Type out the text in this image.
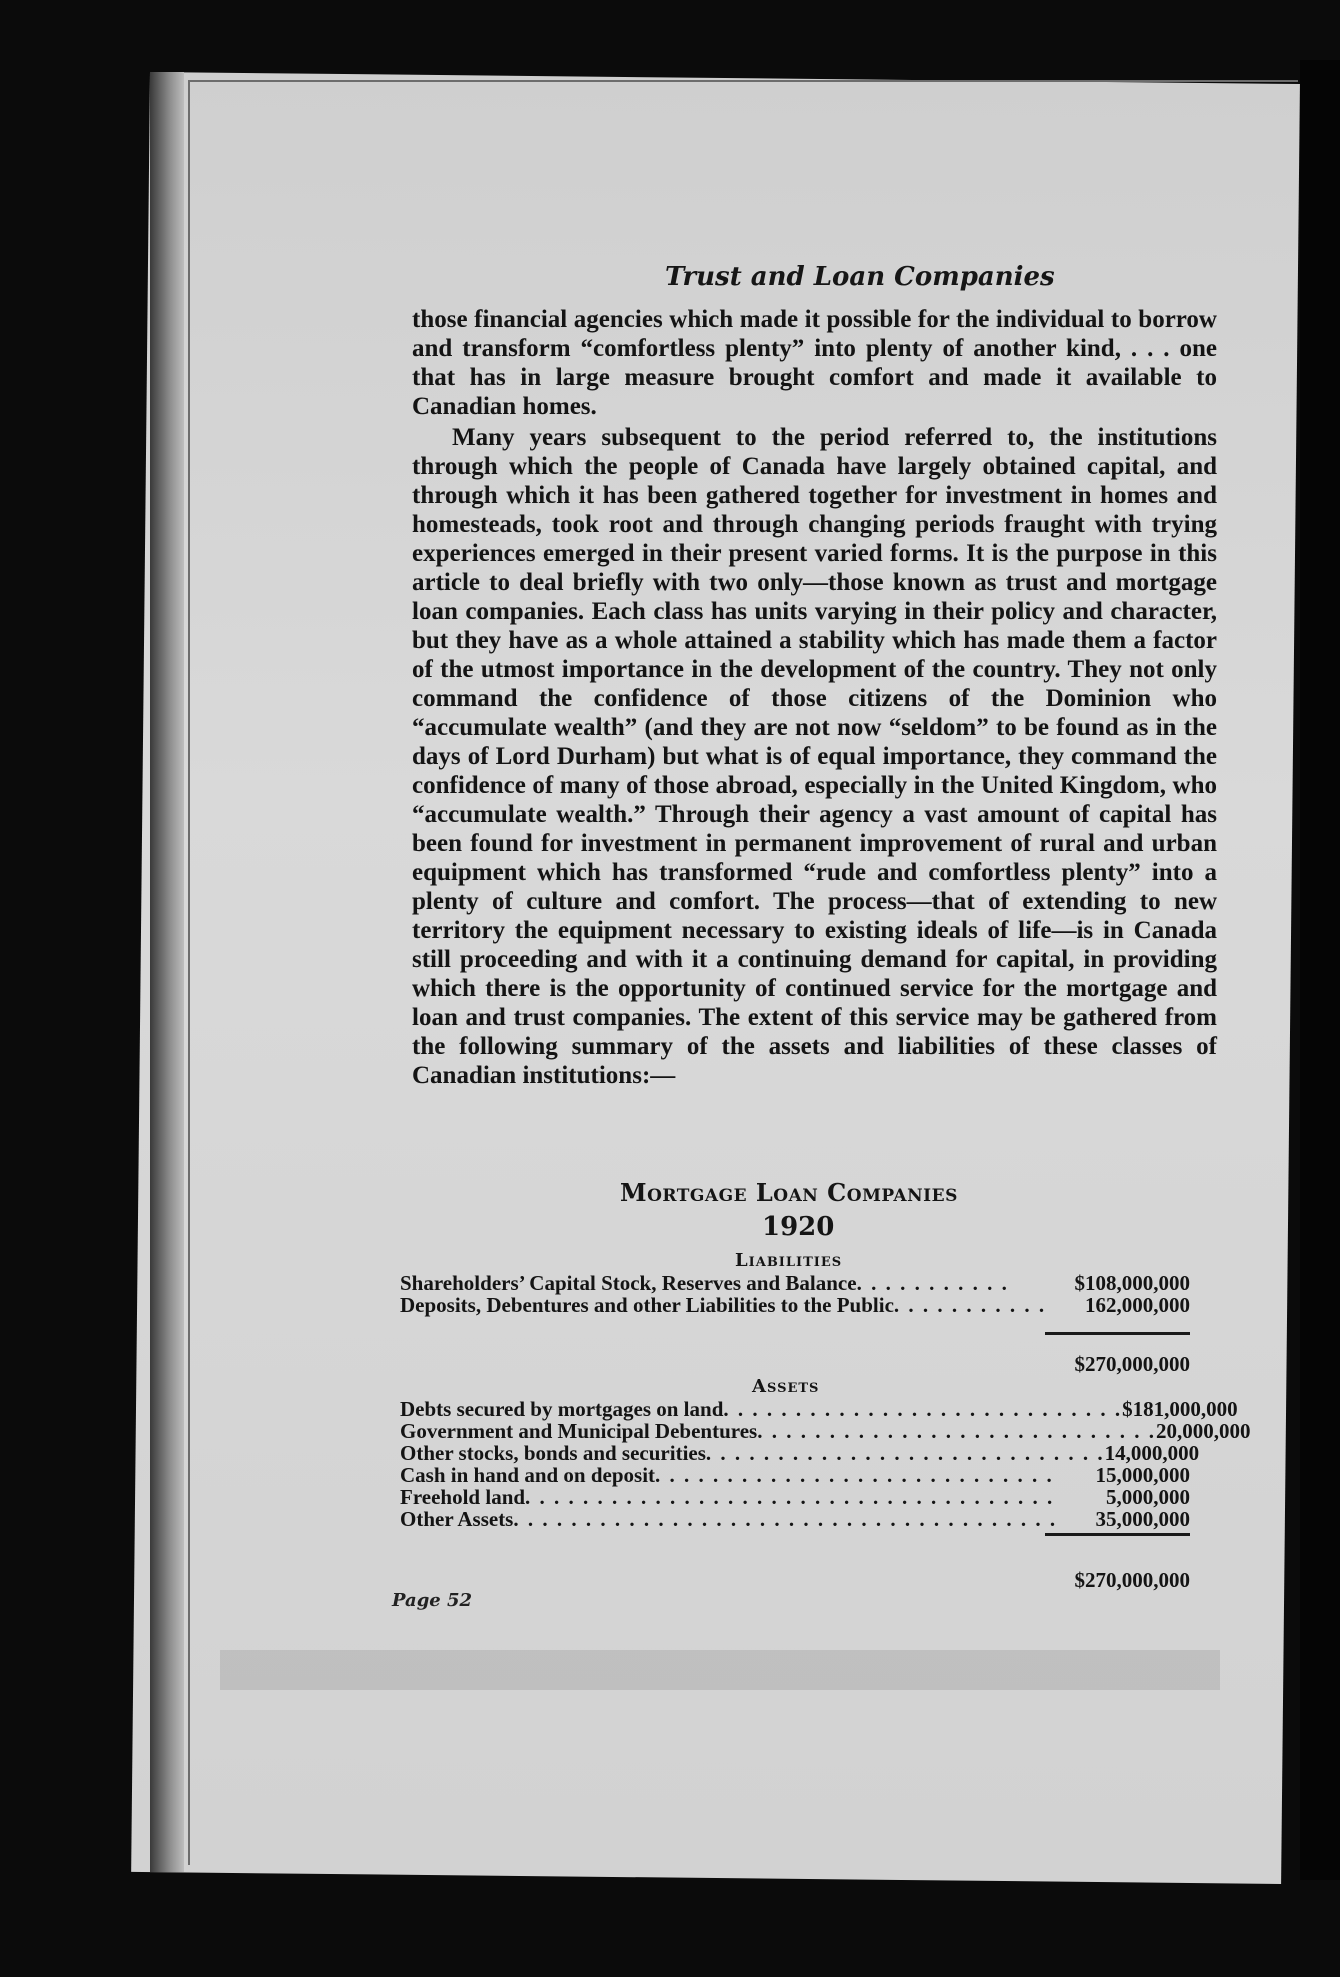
Trust and Loan Companies

those financial agencies which made it possible for the individual to borrow and transform “comfortless plenty” into plenty of another kind, . . . one that has in large measure brought comfort and made it available to Canadian homes.

Many years subsequent to the period referred to, the institutions through which the people of Canada have largely obtained capital, and through which it has been gathered together for investment in homes and homesteads, took root and through changing periods fraught with trying experiences emerged in their present varied forms. It is the purpose in this article to deal briefly with two only—those known as trust and mortgage loan companies. Each class has units varying in their policy and character, but they have as a whole attained a stability which has made them a factor of the utmost importance in the development of the country. They not only command the confidence of those citizens of the Dominion who “accumulate wealth” (and they are not now “seldom” to be found as in the days of Lord Durham) but what is of equal importance, they command the confidence of many of those abroad, especially in the United Kingdom, who “accumulate wealth.” Through their agency a vast amount of capital has been found for investment in permanent improvement of rural and urban equipment which has transformed “rude and comfortless plenty” into a plenty of culture and comfort. The process—that of extending to new territory the equipment necessary to existing ideals of life—is in Canada still proceeding and with it a continuing demand for capital, in providing which there is the opportunity of continued service for the mortgage and loan and trust companies. The extent of this service may be gathered from the following summary of the assets and liabilities of these classes of Canadian institutions:—

Mortgage Loan Companies
1920
Liabilities
Shareholders’ Capital Stock, Reserves and Balance . . . . . . . . . . .	$108,000,000
Deposits, Debentures and other Liabilities to the Public . . . . . . . . . . .	162,000,000
$270,000,000
Assets
Debts secured by mortgages on land . . . . . . . . . . . . . . . . . . . . . . . . . . . . $181,000,000
Government and Municipal Debentures . . . . . . . . . . . . . . . . . . . . . . . . . . . . 20,000,000
Other stocks, bonds and securities . . . . . . . . . . . . . . . . . . . . . . . . . . . . 14,000,000
Cash in hand and on deposit . . . . . . . . . . . . . . . . . . . . . . . . . . . .	15,000,000
Freehold land . . . . . . . . . . . . . . . . . . . . . . . . . . . . . . . . . . . . .	5,000,000
Other Assets . . . . . . . . . . . . . . . . . . . . . . . . . . . . . . . . . . . . . .	35,000,000
$270,000,000
Page 52
